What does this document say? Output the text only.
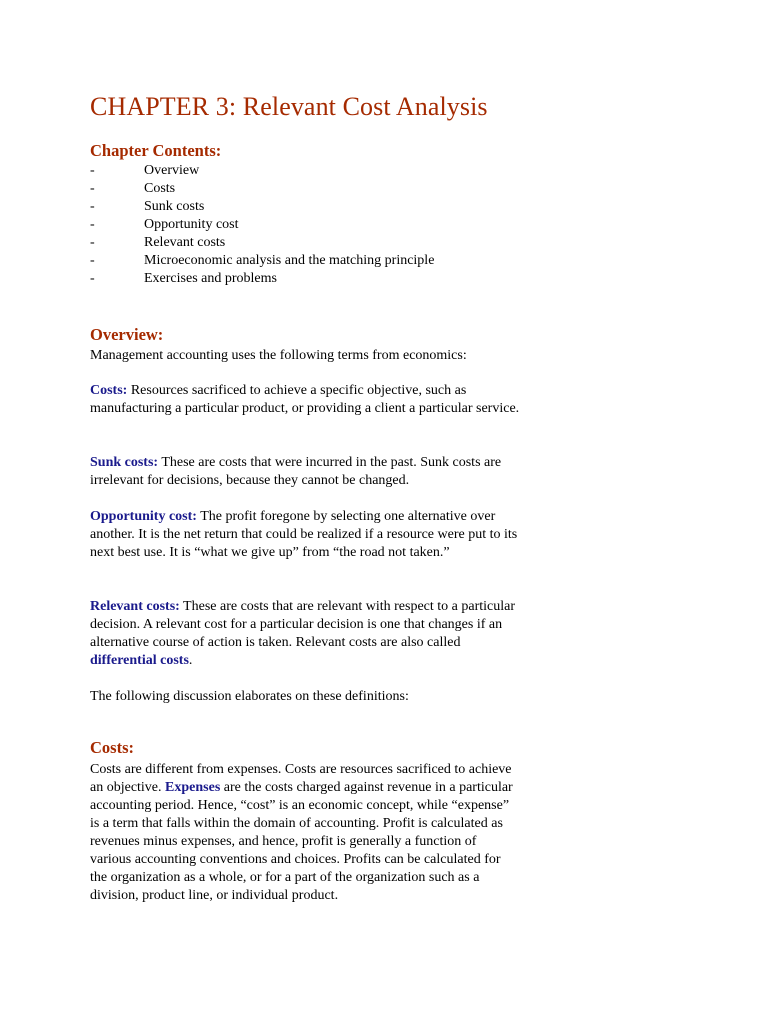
CHAPTER 3: Relevant Cost Analysis
Chapter Contents:
-	Overview
-	Costs
-	Sunk costs
-	Opportunity cost
-	Relevant costs
-	Microeconomic analysis and the matching principle
-	Exercises and problems
Overview:

Management accounting uses the following terms from economics:

Costs: Resources sacrificed to achieve a specific objective, such as manufacturing a particular product, or providing a client a particular service.

Sunk costs: These are costs that were incurred in the past. Sunk costs are irrelevant for decisions, because they cannot be changed.

Opportunity cost: The profit foregone by selecting one alternative over another. It is the net return that could be realized if a resource were put to its next best use. It is “what we give up” from “the road not taken.”

Relevant costs: These are costs that are relevant with respect to a particular decision. A relevant cost for a particular decision is one that changes if an alternative course of action is taken. Relevant costs are also called differential costs.

The following discussion elaborates on these definitions:

Costs:

Costs are different from expenses. Costs are resources sacrificed to achieve an objective. Expenses are the costs charged against revenue in a particular accounting period. Hence, “cost” is an economic concept, while “expense” is a term that falls within the domain of accounting. Profit is calculated as revenues minus expenses, and hence, profit is generally a function of various accounting conventions and choices. Profits can be calculated for the organization as a whole, or for a part of the organization such as a division, product line, or individual product.
